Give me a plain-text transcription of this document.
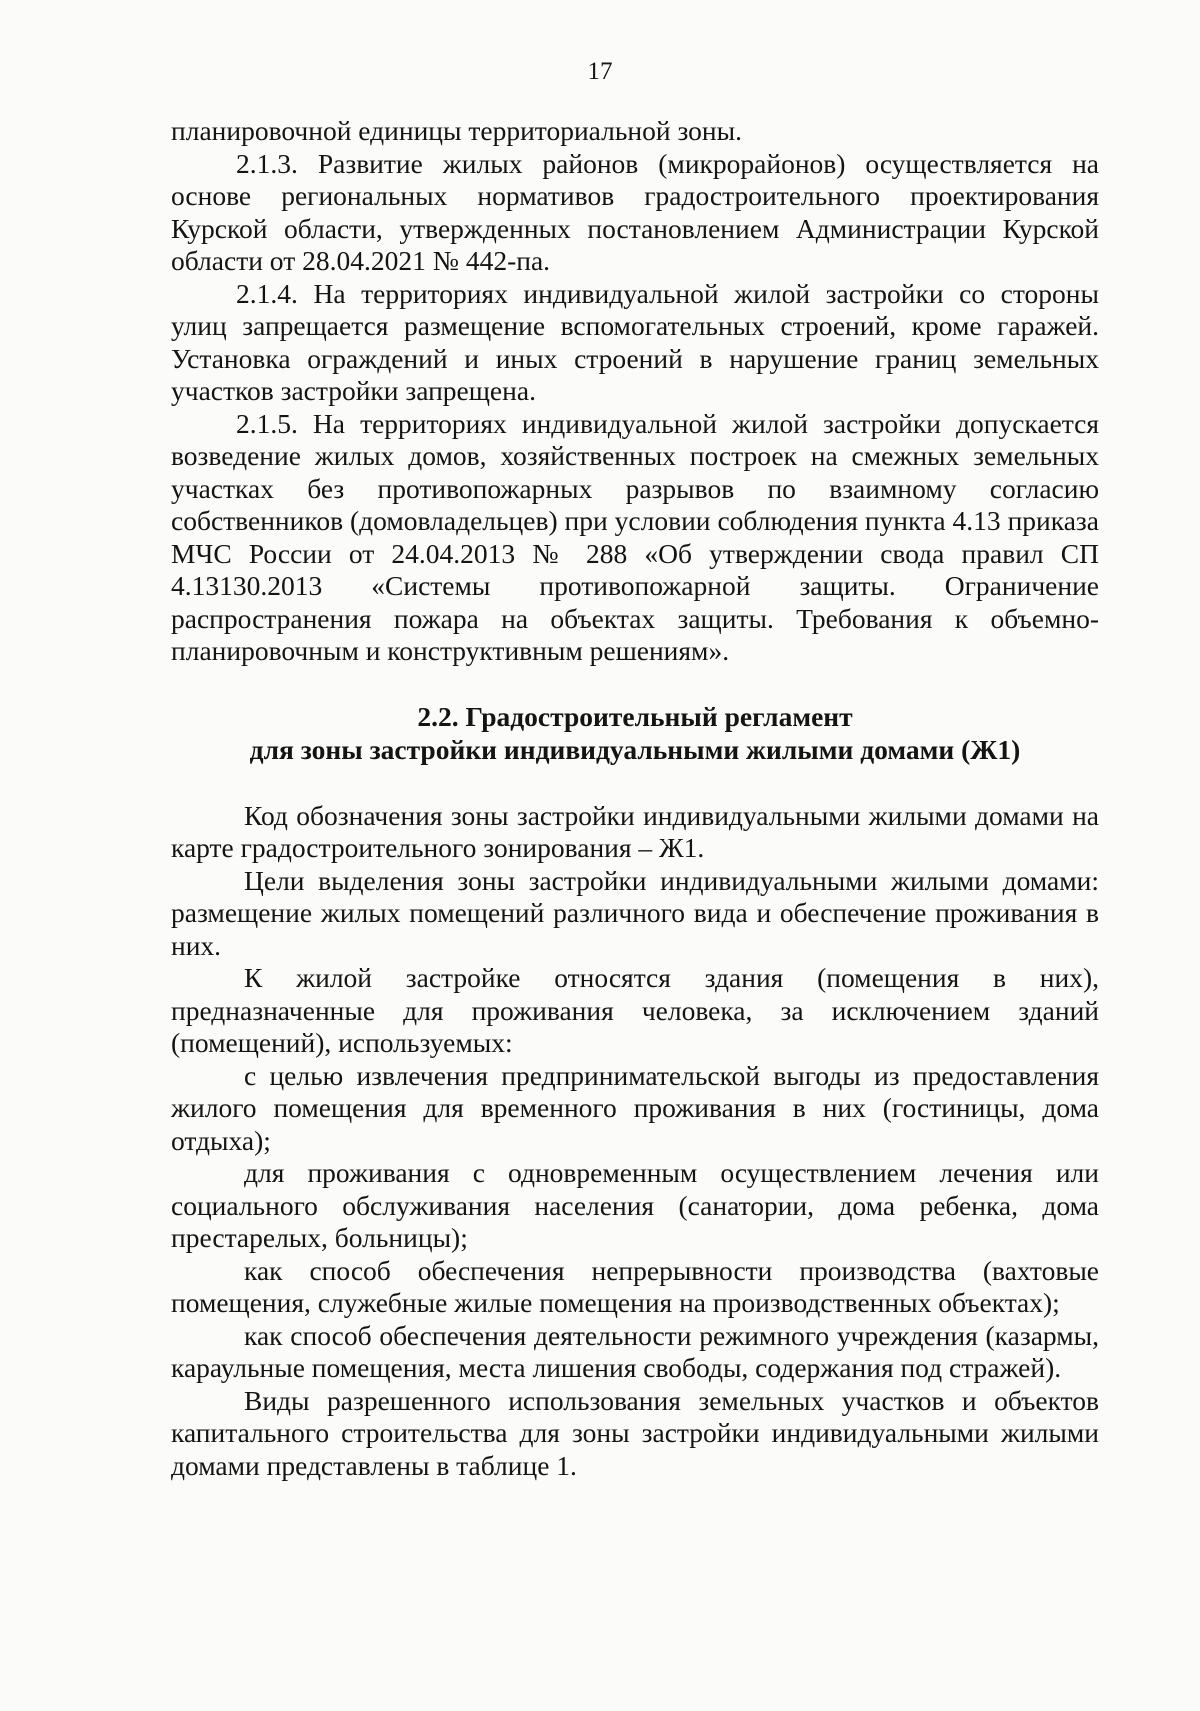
17

планировочной единицы территориальной зоны.

2.1.3. Развитие жилых районов (микрорайонов) осуществляется на основе региональных нормативов градостроительного проектирования Курской области, утвержденных постановлением Администрации Курской области от 28.04.2021 № 442-па.

2.1.4. На территориях индивидуальной жилой застройки со стороны улиц запрещается размещение вспомогательных строений, кроме гаражей. Установка ограждений и иных строений в нарушение границ земельных участков застройки запрещена.

2.1.5. На территориях индивидуальной жилой застройки допускается возведение жилых домов, хозяйственных построек на смежных земельных участках без противопожарных разрывов по взаимному согласию собственников (домовладельцев) при условии соблюдения пункта 4.13 приказа МЧС России от 24.04.2013 № 288 «Об утверждении свода правил СП 4.13130.2013 «Системы противопожарной защиты. Ограничение распространения пожара на объектах защиты. Требования к объемно-планировочным и конструктивным решениям».

2.2. Градостроительный регламент
для зоны застройки индивидуальными жилыми домами (Ж1)

Код обозначения зоны застройки индивидуальными жилыми домами на карте градостроительного зонирования – Ж1.

Цели выделения зоны застройки индивидуальными жилыми домами: размещение жилых помещений различного вида и обеспечение проживания в них.

К жилой застройке относятся здания (помещения в них), предназначенные для проживания человека, за исключением зданий (помещений), используемых:

с целью извлечения предпринимательской выгоды из предоставления жилого помещения для временного проживания в них (гостиницы, дома отдыха);

для проживания с одновременным осуществлением лечения или социального обслуживания населения (санатории, дома ребенка, дома престарелых, больницы);

как способ обеспечения непрерывности производства (вахтовые помещения, служебные жилые помещения на производственных объектах);

как способ обеспечения деятельности режимного учреждения (казармы, караульные помещения, места лишения свободы, содержания под стражей).

Виды разрешенного использования земельных участков и объектов капитального строительства для зоны застройки индивидуальными жилыми домами представлены в таблице 1.
